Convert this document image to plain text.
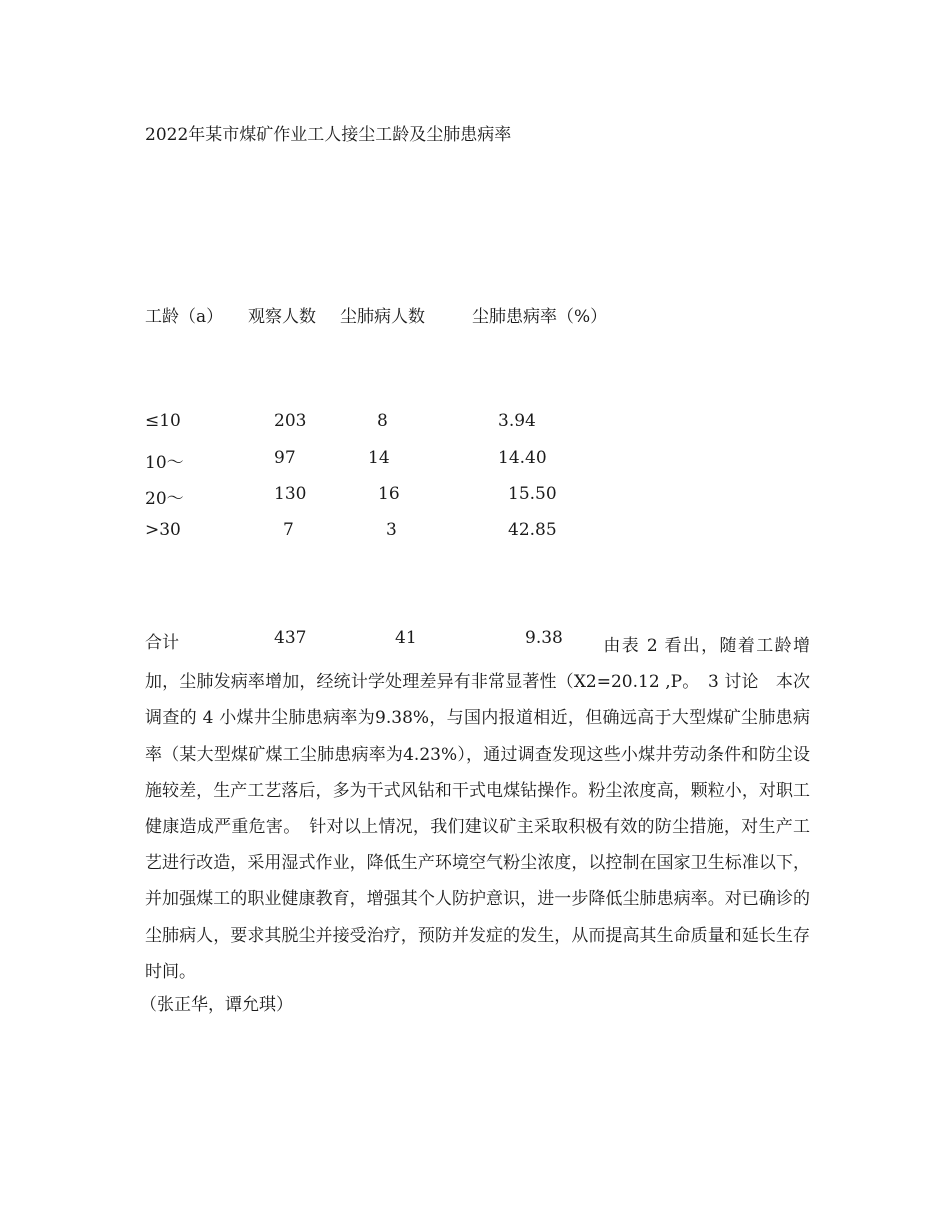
2022年某市煤矿作业工人接尘工龄及尘肺患病率
工龄（a） 观察人数 尘肺病人数	尘肺患病率（%）
≤10	203	8	3.94
10～	97	14	14.40
20～	130	16	15.50
>30	7	3	42.85
合计	437	41	9.38	由表 2 看出，随着工龄增加，尘肺发病率增加，经统计学处理差异有非常显著性（X2=20.12 ,P。　3 讨论　本次调查的 4 小煤井尘肺患病率为9.38%，与国内报道相近，但确远高于大型煤矿尘肺患病率（某大型煤矿煤工尘肺患病率为4.23%），通过调查发现这些小煤井劳动条件和防尘设施较差，生产工艺落后，多为干式风钻和干式电煤钻操作。粉尘浓度高，颗粒小，对职工健康造成严重危害。　针对以上情况，我们建议矿主采取积极有效的防尘措施，对生产工艺进行改造，采用湿式作业，降低生产环境空气粉尘浓度，以控制在国家卫生标准以下，并加强煤工的职业健康教育，增强其个人防护意识，进一步降低尘肺患病率。对已确诊的尘肺病人，要求其脱尘并接受治疗，预防并发症的发生，从而提高其生命质量和延长生存时间。
（张正华，谭允琪）
